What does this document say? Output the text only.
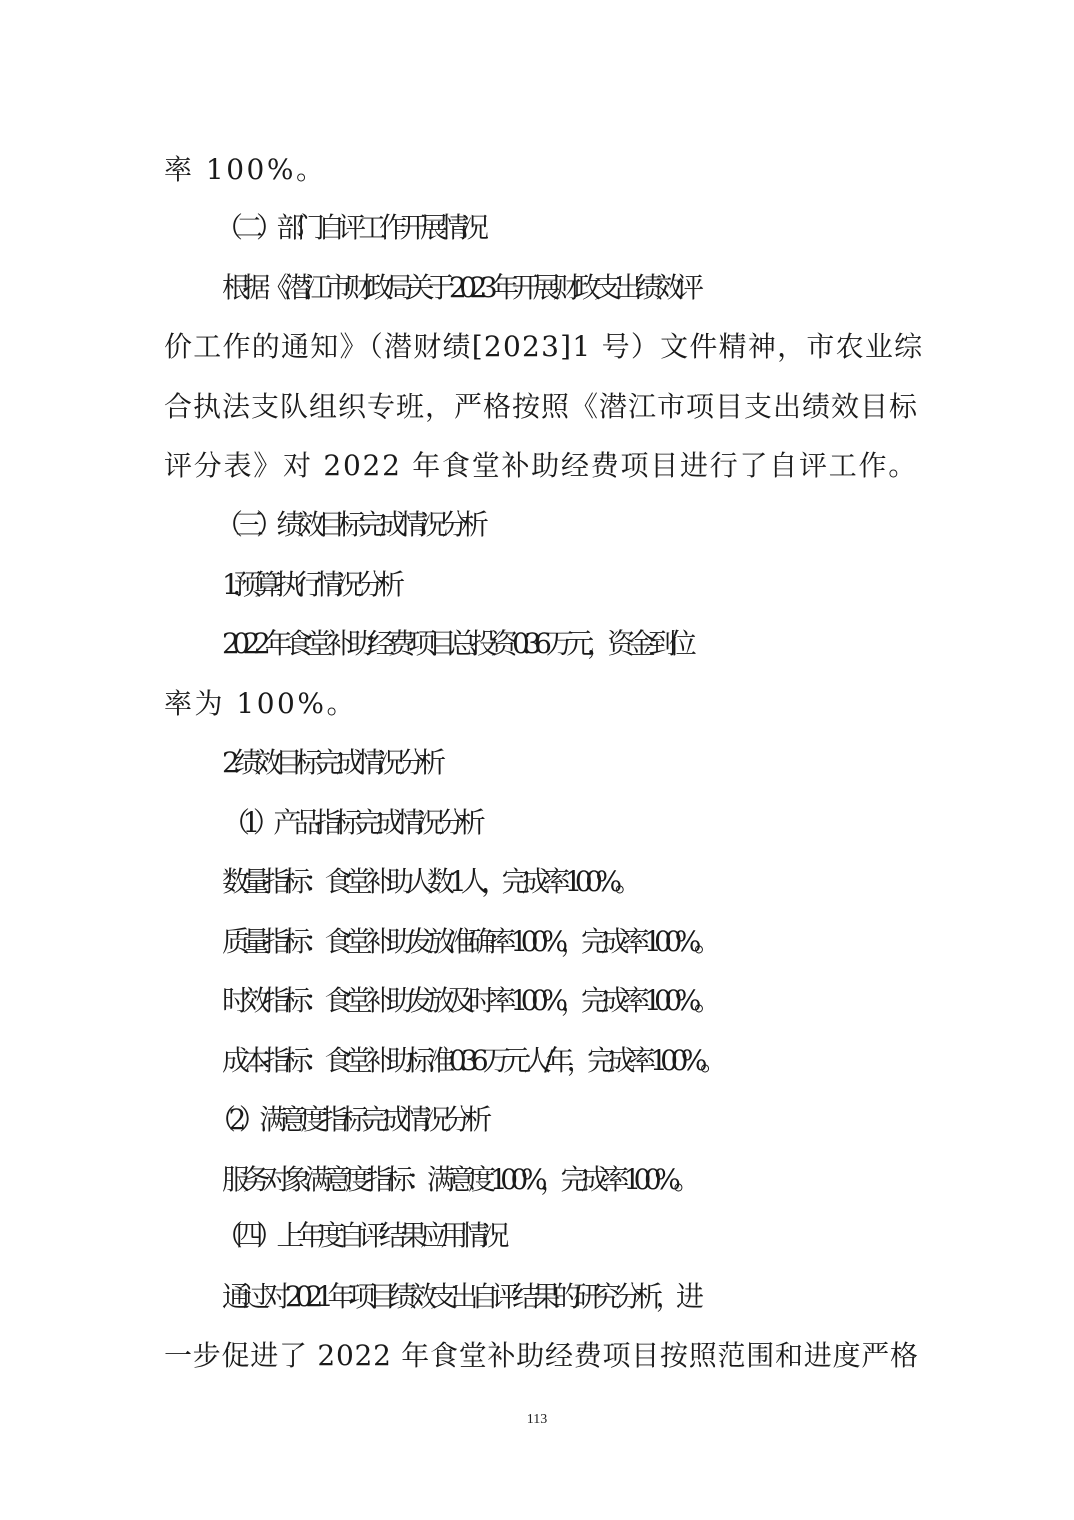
率 100%。
（二）部门自评工作开展情况
根据《潜江市财政局关于 2023 年开展财政支出绩效评
价工作的通知》（潜财绩[2023]1 号）文件精神，市农业综
合执法支队组织专班，严格按照《潜江市项目支出绩效目标
评分表》对 2022 年食堂补助经费项目进行了自评工作。
（三）绩效目标完成情况分析
1.预算执行情况分析
2022 年食堂补助经费项目总投资 0.36 万元，资金到位
率为 100%。
2.绩效目标完成情况分析
（1）产品指标完成情况分析
数量指标：食堂补助人数 1 人，完成率 100%。
质量指标：食堂补助发放准确率 100%，完成率 100%。
时效指标：食堂补助发放及时率 100%，完成率 100%。
成本指标：食堂补助标准 0.36 万元人/年，完成率 100%。
（2）满意度指标完成情况分析
服务对象满意度指标：满意度 100%，完成率 100%。
（四）上年度自评结果应用情况
通过对 2021 年项目绩效支出自评结果的研究分析，进
一步促进了 2022 年食堂补助经费项目按照范围和进度严格
113
